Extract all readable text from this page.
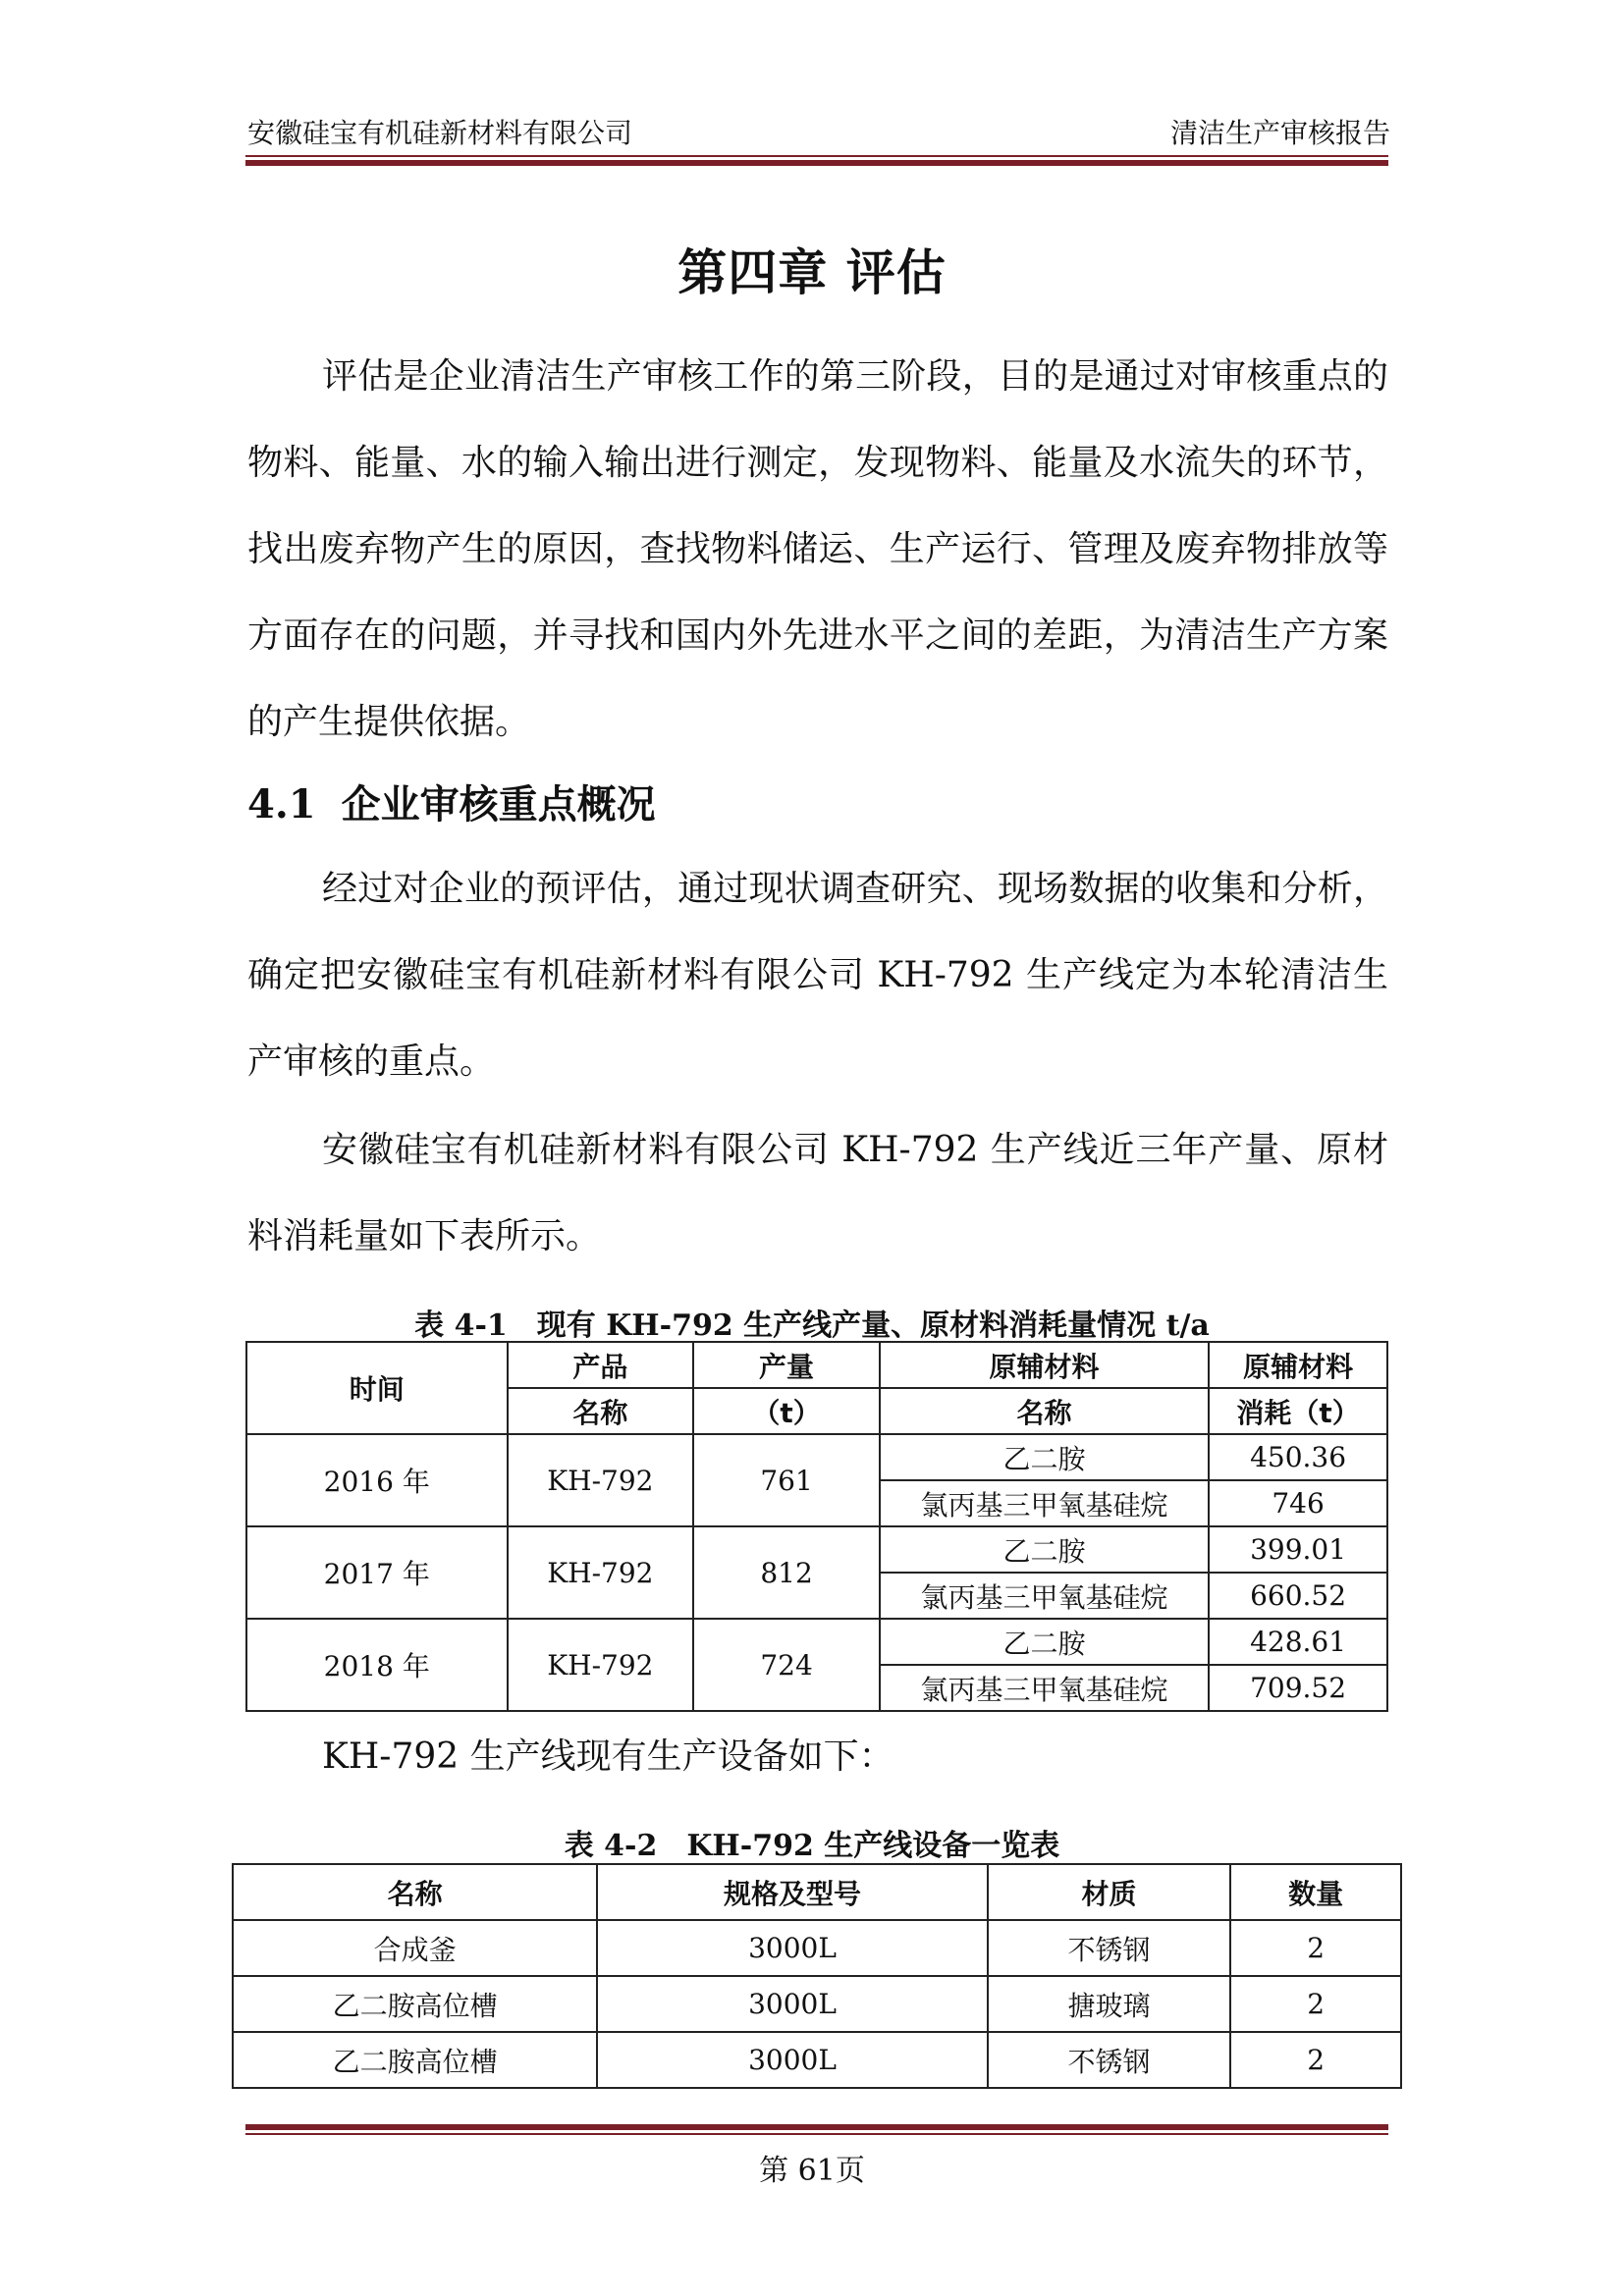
安徽硅宝有机硅新材料有限公司	清洁生产审核报告
第四章 评估

评估是企业清洁生产审核工作的第三阶段，目的是通过对审核重点的物料、能量、水的输入输出进行测定，发现物料、能量及水流失的环节，找出废弃物产生的原因，查找物料储运、生产运行、管理及废弃物排放等方面存在的问题，并寻找和国内外先进水平之间的差距，为清洁生产方案的产生提供依据。

4.1 企业审核重点概况

经过对企业的预评估，通过现状调查研究、现场数据的收集和分析，确定把安徽硅宝有机硅新材料有限公司 KH-792 生产线定为本轮清洁生产审核的重点。

安徽硅宝有机硅新材料有限公司 KH-792 生产线近三年产量、原材料消耗量如下表所示。

表 4-1　现有 KH-792 生产线产量、原材料消耗量情况 t/a
时间	产品	产量	原辅材料	原辅材料
	名称	（t）	名称	消耗（t）
2016 年	KH-792	761	乙二胺	450.36
			氯丙基三甲氧基硅烷	746
2017 年	KH-792	812	乙二胺	399.01
			氯丙基三甲氧基硅烷	660.52
2018 年	KH-792	724	乙二胺	428.61
			氯丙基三甲氧基硅烷	709.52

KH-792 生产线现有生产设备如下：

表 4-2　KH-792 生产线设备一览表
名称	规格及型号	材质	数量
合成釜	3000L	不锈钢	2
乙二胺高位槽	3000L	搪玻璃	2
乙二胺高位槽	3000L	不锈钢	2
第 61页
